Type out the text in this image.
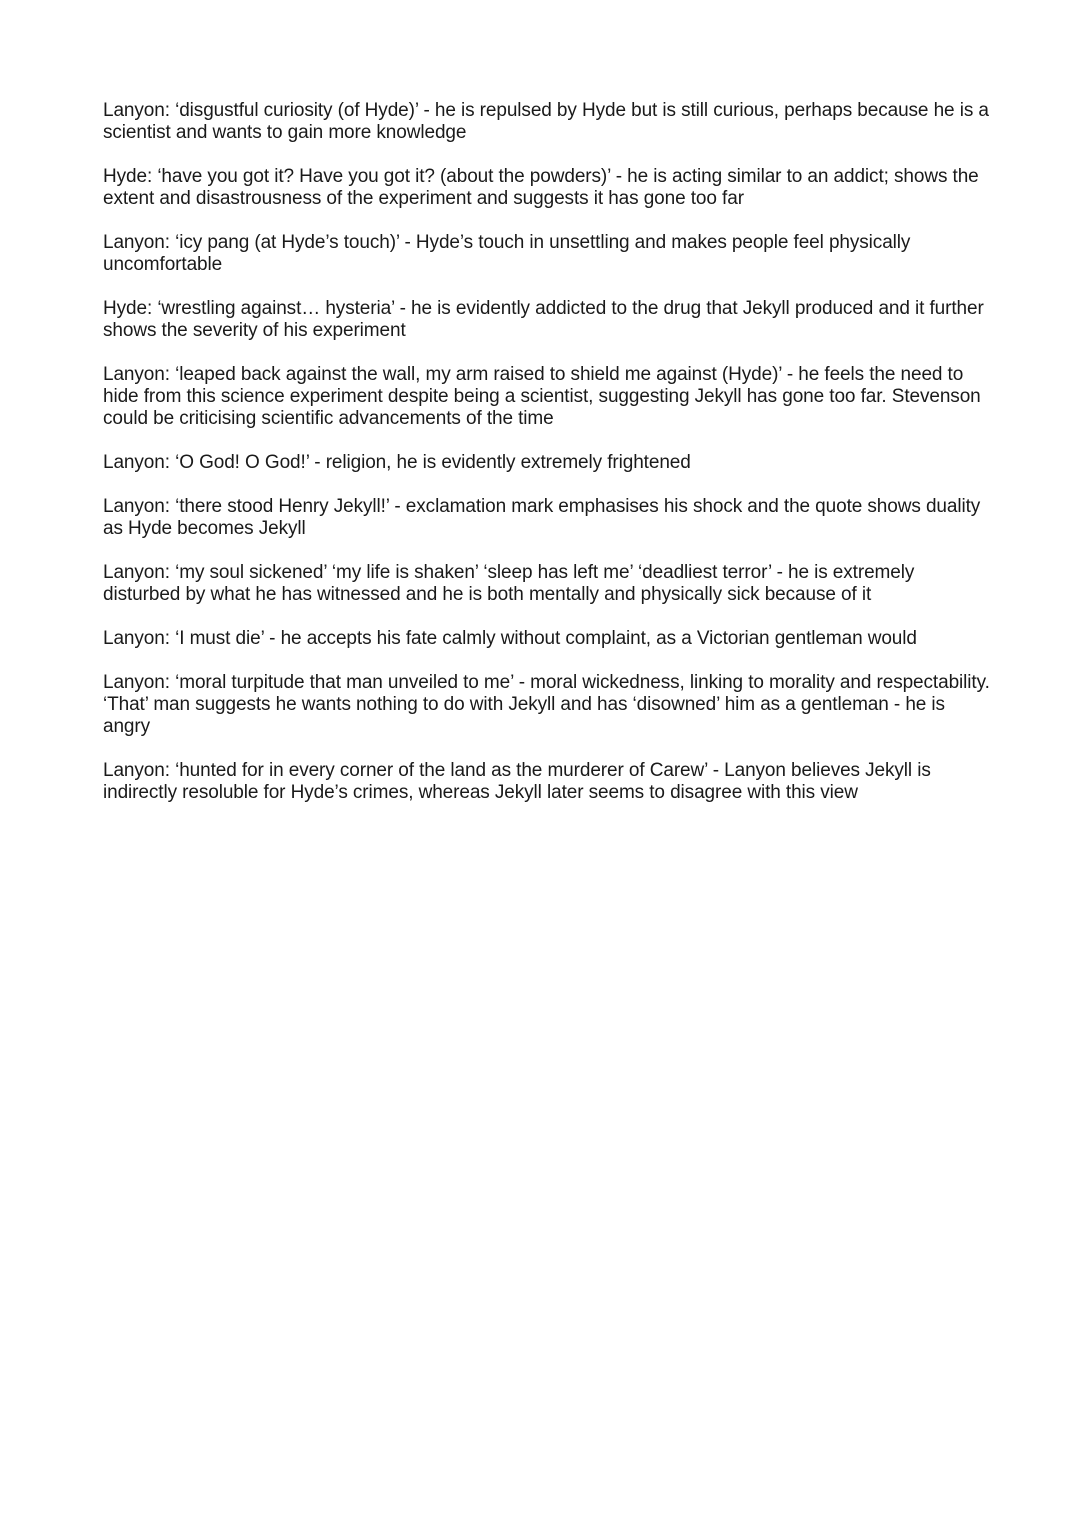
Lanyon: ‘disgustful curiosity (of Hyde)’ - he is repulsed by Hyde but is still curious, perhaps because he is a scientist and wants to gain more knowledge

Hyde: ‘have you got it? Have you got it? (about the powders)’ - he is acting similar to an addict; shows the extent and disastrousness of the experiment and suggests it has gone too far

Lanyon: ‘icy pang (at Hyde’s touch)’ - Hyde’s touch in unsettling and makes people feel physically uncomfortable

Hyde: ‘wrestling against… hysteria’ - he is evidently addicted to the drug that Jekyll produced and it further shows the severity of his experiment

Lanyon: ‘leaped back against the wall, my arm raised to shield me against (Hyde)’ - he feels the need to hide from this science experiment despite being a scientist, suggesting Jekyll has gone too far. Stevenson could be criticising scientific advancements of the time

Lanyon: ‘O God! O God!’ - religion, he is evidently extremely frightened

Lanyon: ‘there stood Henry Jekyll!’ - exclamation mark emphasises his shock and the quote shows duality as Hyde becomes Jekyll

Lanyon: ‘my soul sickened’ ‘my life is shaken’ ‘sleep has left me’ ‘deadliest terror’ - he is extremely disturbed by what he has witnessed and he is both mentally and physically sick because of it

Lanyon: ‘I must die’ - he accepts his fate calmly without complaint, as a Victorian gentleman would

Lanyon: ‘moral turpitude that man unveiled to me’ - moral wickedness, linking to morality and respectability. ‘That’ man suggests he wants nothing to do with Jekyll and has ‘disowned’ him as a gentleman - he is angry

Lanyon: ‘hunted for in every corner of the land as the murderer of Carew’ - Lanyon believes Jekyll is indirectly resoluble for Hyde’s crimes, whereas Jekyll later seems to disagree with this view
